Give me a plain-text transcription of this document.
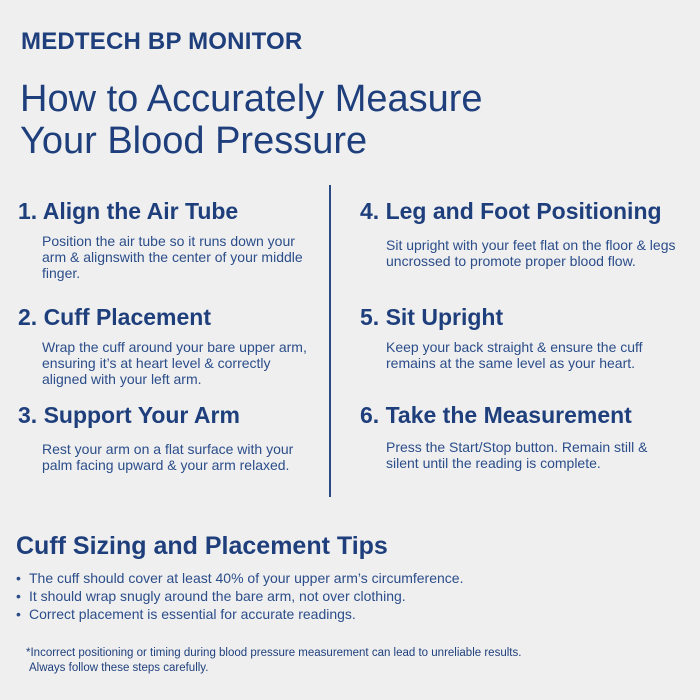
MEDTECH BP MONITOR
How to Accurately Measure
Your Blood Pressure
1. Align the Air Tube
Position the air tube so it runs down your arm & alignswith the center of your middle finger.
2. Cuff Placement
Wrap the cuff around your bare upper arm, ensuring it’s at heart level & correctly aligned with your left arm.
3. Support Your Arm
Rest your arm on a flat surface with your palm facing upward & your arm relaxed.
4. Leg and Foot Positioning
Sit upright with your feet flat on the floor & legs uncrossed to promote proper blood flow.
5. Sit Upright
Keep your back straight & ensure the cuff remains at the same level as your heart.
6. Take the Measurement
Press the Start/Stop button. Remain still & silent until the reading is complete.
Cuff Sizing and Placement Tips
• The cuff should cover at least 40% of your upper arm’s circumference.
• It should wrap snugly around the bare arm, not over clothing.
• Correct placement is essential for accurate readings.
*Incorrect positioning or timing during blood pressure measurement can lead to unreliable results.
Always follow these steps carefully.
